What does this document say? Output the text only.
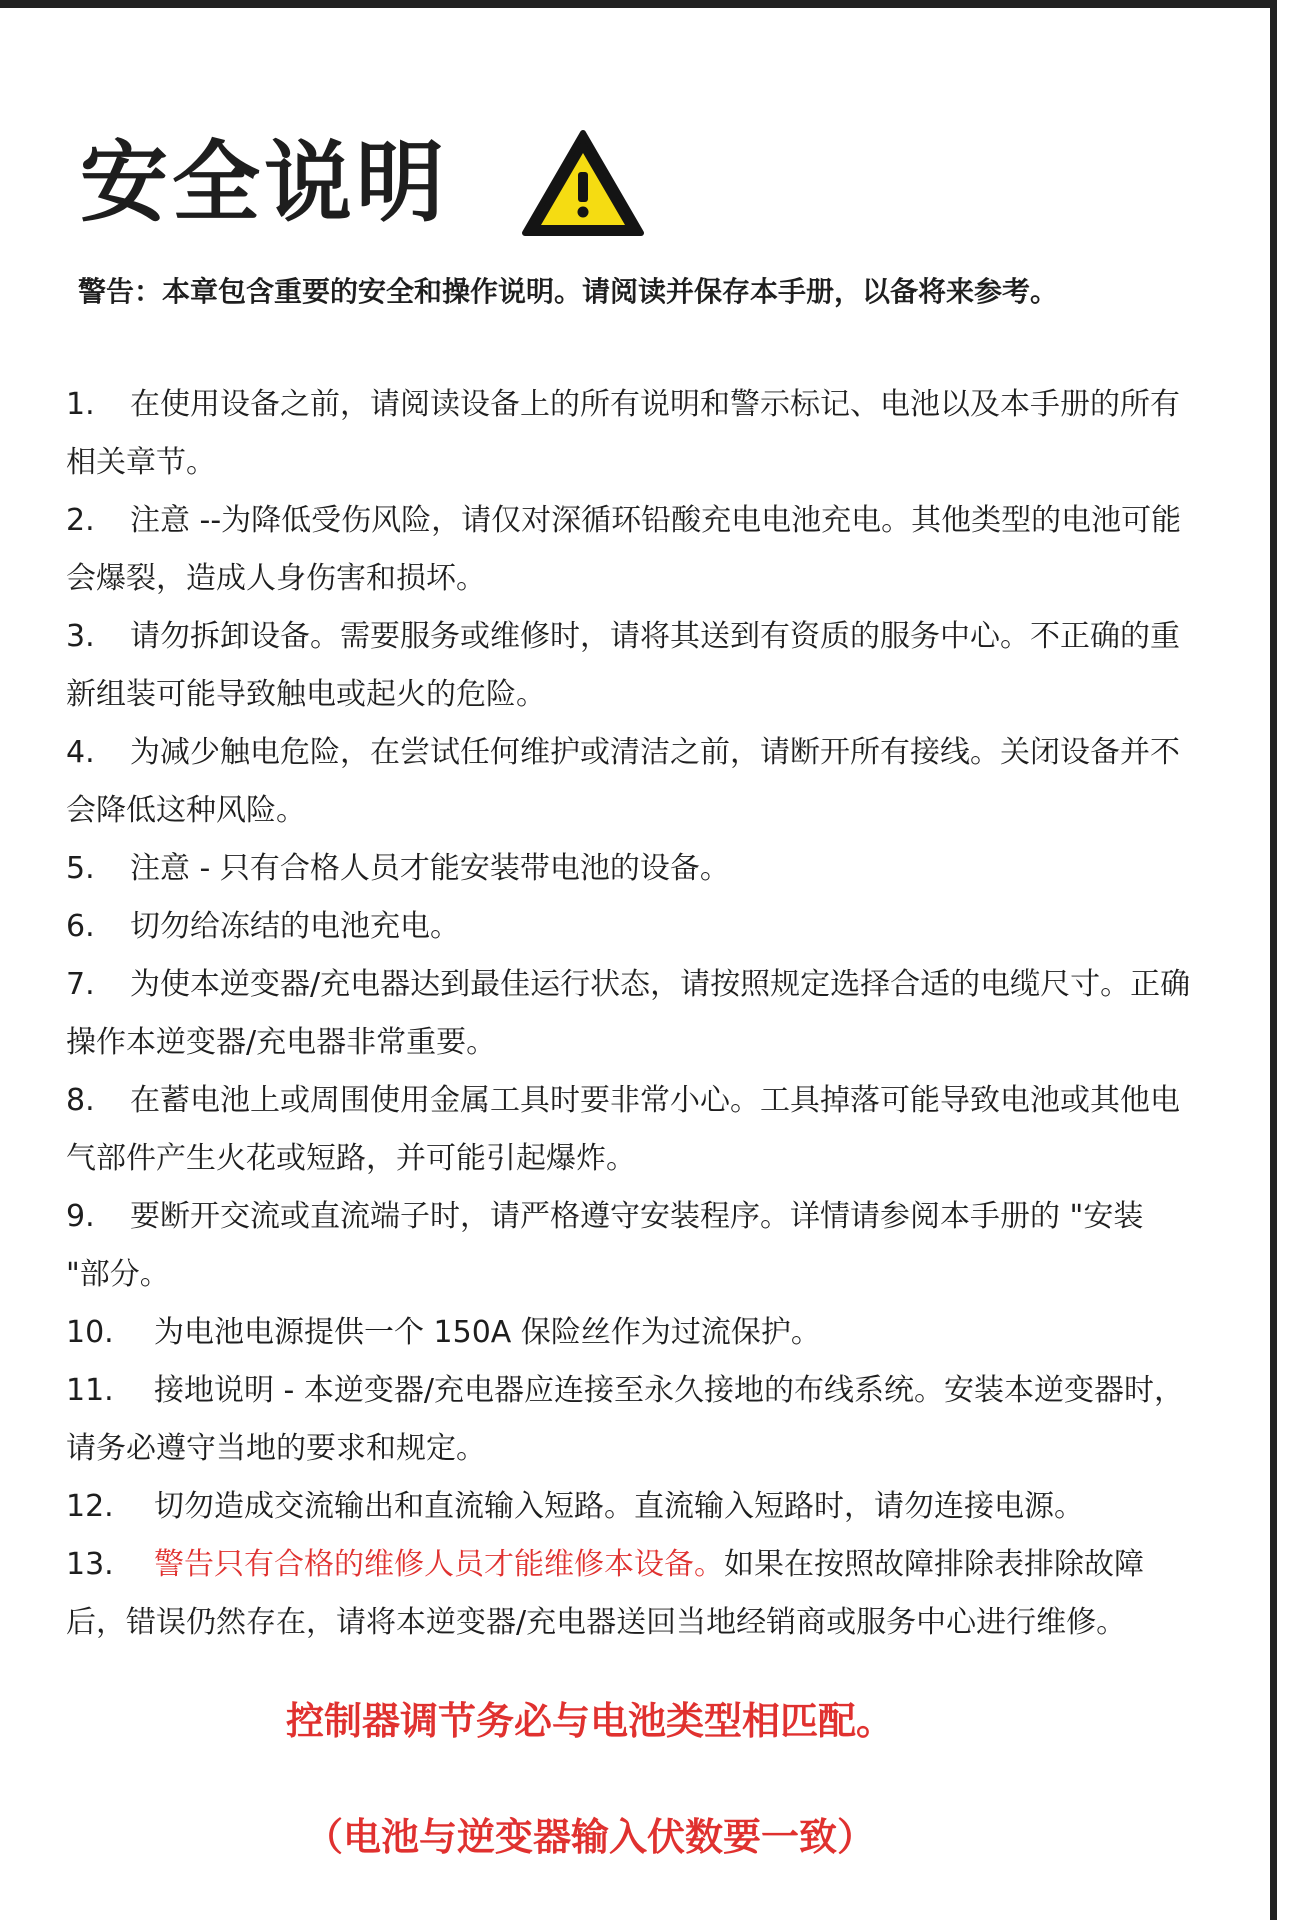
安全说明
警告：本章包含重要的安全和操作说明。请阅读并保存本手册，以备将来参考。
1. 在使用设备之前，请阅读设备上的所有说明和警示标记、电池以及本手册的所有相关章节。
2. 注意 --为降低受伤风险，请仅对深循环铅酸充电电池充电。其他类型的电池可能会爆裂，造成人身伤害和损坏。
3. 请勿拆卸设备。需要服务或维修时，请将其送到有资质的服务中心。不正确的重新组装可能导致触电或起火的危险。
4. 为减少触电危险，在尝试任何维护或清洁之前，请断开所有接线。关闭设备并不会降低这种风险。
5. 注意 - 只有合格人员才能安装带电池的设备。
6. 切勿给冻结的电池充电。
7. 为使本逆变器/充电器达到最佳运行状态，请按照规定选择合适的电缆尺寸。正确操作本逆变器/充电器非常重要。
8. 在蓄电池上或周围使用金属工具时要非常小心。工具掉落可能导致电池或其他电气部件产生火花或短路，并可能引起爆炸。
9. 要断开交流或直流端子时，请严格遵守安装程序。详情请参阅本手册的 "安装 "部分。
10. 为电池电源提供一个 150A 保险丝作为过流保护。
11. 接地说明 - 本逆变器/充电器应连接至永久接地的布线系统。安装本逆变器时，请务必遵守当地的要求和规定。
12. 切勿造成交流输出和直流输入短路。直流输入短路时，请勿连接电源。
13. 警告只有合格的维修人员才能维修本设备。如果在按照故障排除表排除故障后，错误仍然存在，请将本逆变器/充电器送回当地经销商或服务中心进行维修。
控制器调节务必与电池类型相匹配。
（电池与逆变器输入伏数要一致）
